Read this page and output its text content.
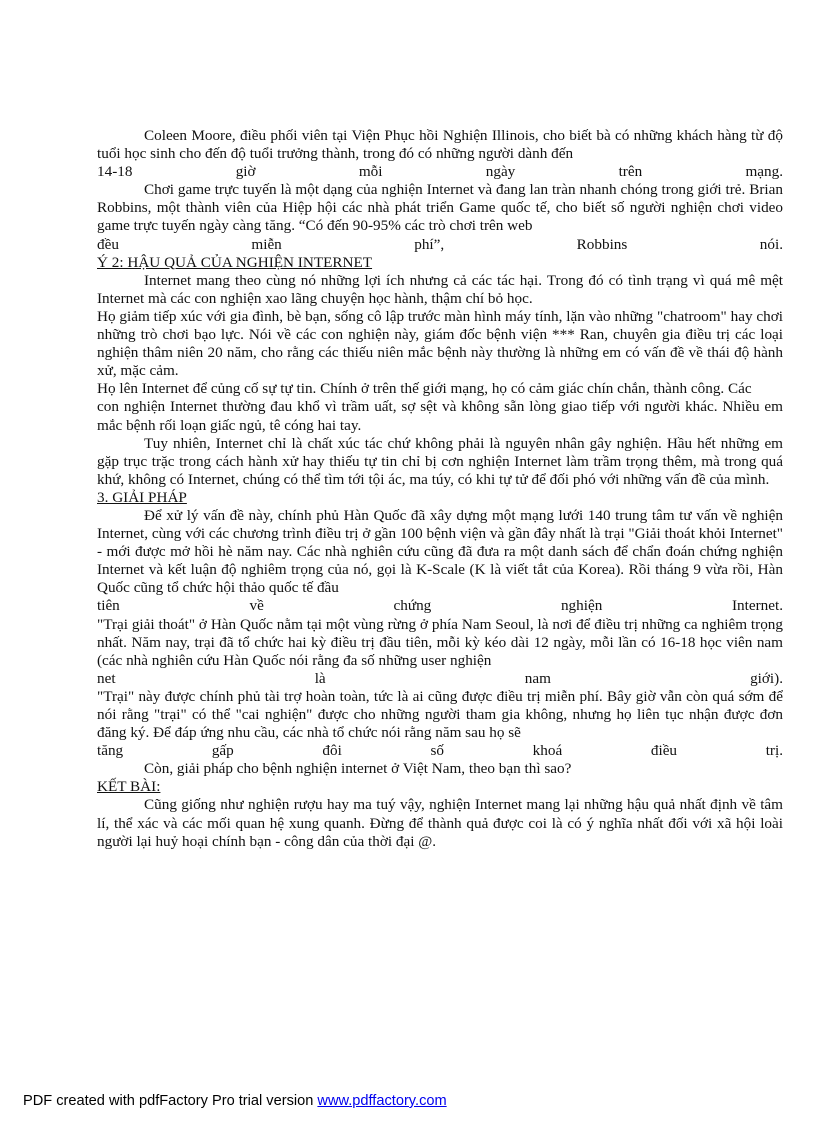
Coleen Moore, điều phối viên tại Viện Phục hồi Nghiện Illinois, cho biết bà có những khách hàng từ độ tuổi học sinh cho đến độ tuổi trưởng thành, trong đó có những người dành đến

14-18 giờ mỗi ngày trên mạng.

Chơi game trực tuyến là một dạng của nghiện Internet và đang lan tràn nhanh chóng trong giới trẻ. Brian Robbins, một thành viên của Hiệp hội các nhà phát triển Game quốc tế, cho biết số người nghiện chơi video game trực tuyến ngày càng tăng. “Có đến 90-95% các trò chơi trên web

đều miễn phí”, Robbins nói.

Ý 2: HẬU QUẢ CỦA NGHIỆN INTERNET

Internet mang theo cùng nó những lợi ích nhưng cả các tác hại. Trong đó có tình trạng vì quá mê mệt Internet mà các con nghiện xao lãng chuyện học hành, thậm chí bỏ học.

Họ giảm tiếp xúc với gia đình, bè bạn, sống cô lập trước màn hình máy tính, lặn vào những "chatroom" hay chơi những trò chơi bạo lực. Nói về các con nghiện này, giám đốc bệnh viện *** Ran, chuyên gia điều trị các loại nghiện thâm niên 20 năm, cho rằng các thiếu niên mắc bệnh này thường là những em có vấn đề về thái độ hành xử, mặc cảm.

Họ lên Internet để củng cố sự tự tin. Chính ở trên thế giới mạng, họ có cảm giác chín chắn, thành công. Các

con nghiện Internet thường đau khổ vì trầm uất, sợ sệt và không sẵn lòng giao tiếp với người khác. Nhiều em mắc bệnh rối loạn giấc ngủ, tê cóng hai tay.

Tuy nhiên, Internet chỉ là chất xúc tác chứ không phải là nguyên nhân gây nghiện. Hầu hết những em gặp trục trặc trong cách hành xử hay thiếu tự tin chỉ bị cơn nghiện Internet làm trầm trọng thêm, mà trong quá khứ, không có Internet, chúng có thể tìm tới tội ác, ma túy, có khi tự tử để đối phó với những vấn đề của mình.

3. GIẢI PHÁP

Để xử lý vấn đề này, chính phủ Hàn Quốc đã xây dựng một mạng lưới 140 trung tâm tư vấn về nghiện Internet, cùng với các chương trình điều trị ở gần 100 bệnh viện và gần đây nhất là trại "Giải thoát khỏi Internet" - mới được mở hồi hè năm nay. Các nhà nghiên cứu cũng đã đưa ra một danh sách để chẩn đoán chứng nghiện Internet và kết luận độ nghiêm trọng của nó, gọi là K-Scale (K là viết tắt của Korea). Rồi tháng 9 vừa rồi, Hàn Quốc cũng tổ chức hội thảo quốc tế đầu

tiên về chứng nghiện Internet.

"Trại giải thoát" ở Hàn Quốc nằm tại một vùng rừng ở phía Nam Seoul, là nơi để điều trị những ca nghiêm trọng nhất. Năm nay, trại đã tổ chức hai kỳ điều trị đầu tiên, mỗi kỳ kéo dài 12 ngày, mỗi lần có 16-18 học viên nam (các nhà nghiên cứu Hàn Quốc nói rằng đa số những user nghiện

net là nam giới).

"Trại" này được chính phủ tài trợ hoàn toàn, tức là ai cũng được điều trị miễn phí. Bây giờ vẫn còn quá sớm để nói rằng "trại" có thể "cai nghiện" được cho những người tham gia không, nhưng họ liên tục nhận được đơn đăng ký. Để đáp ứng nhu cầu, các nhà tổ chức nói rằng năm sau họ sẽ

tăng gấp đôi số khoá điều trị.

Còn, giải pháp cho bệnh nghiện internet ở Việt Nam, theo bạn thì sao?

KẾT BÀI:

Cũng giống như nghiện rượu hay ma tuý vậy, nghiện Internet mang lại những hậu quả nhất định về tâm lí, thể xác và các mối quan hệ xung quanh. Đừng để thành quả được coi là có ý nghĩa nhất đối với xã hội loài người lại huỷ hoại chính bạn - công dân của thời đại @.

PDF created with pdfFactory Pro trial version www.pdffactory.com
